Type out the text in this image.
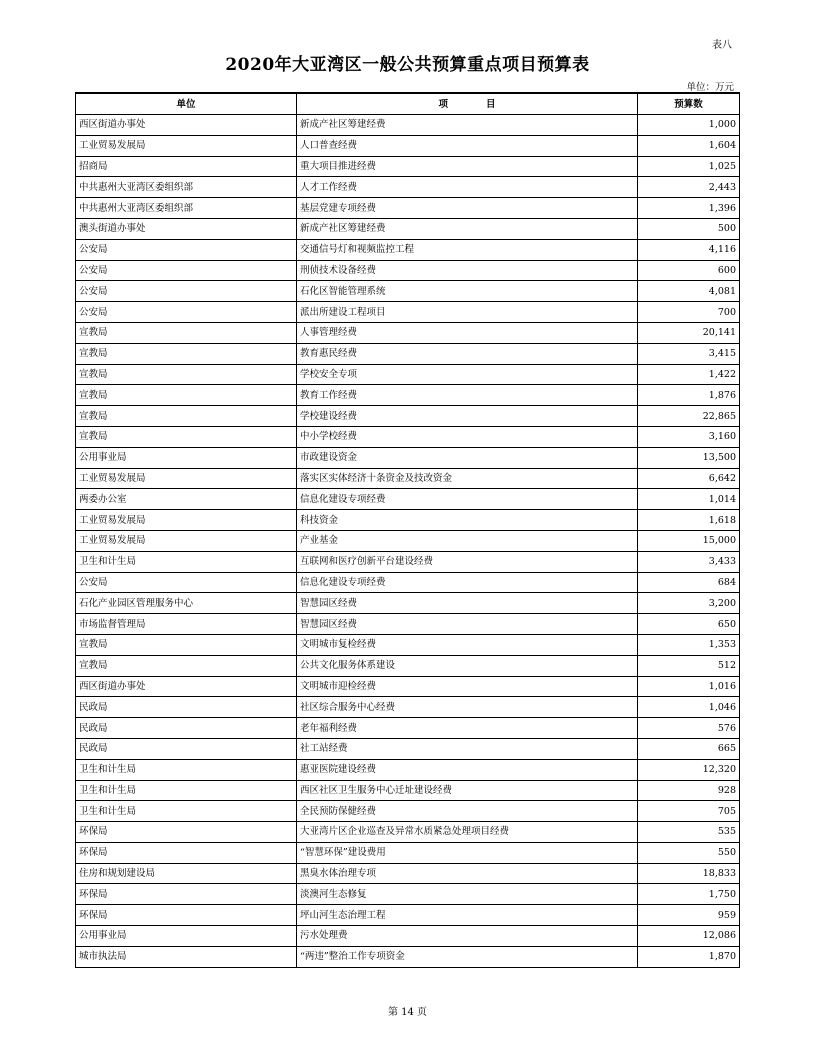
表八
2020年大亚湾区一般公共预算重点项目预算表
单位：万元
单位	项　　　　目	预算数
西区街道办事处	新成产社区筹建经费	1,000
工业贸易发展局	人口普查经费	1,604
招商局	重大项目推进经费	1,025
中共惠州大亚湾区委组织部	人才工作经费	2,443
中共惠州大亚湾区委组织部	基层党建专项经费	1,396
澳头街道办事处	新成产社区筹建经费	500
公安局	交通信号灯和视频监控工程	4,116
公安局	刑侦技术设备经费	600
公安局	石化区智能管理系统	4,081
公安局	派出所建设工程项目	700
宣教局	人事管理经费	20,141
宣教局	教育惠民经费	3,415
宣教局	学校安全专项	1,422
宣教局	教育工作经费	1,876
宣教局	学校建设经费	22,865
宣教局	中小学校经费	3,160
公用事业局	市政建设资金	13,500
工业贸易发展局	落实区实体经济十条资金及技改资金	6,642
两委办公室	信息化建设专项经费	1,014
工业贸易发展局	科技资金	1,618
工业贸易发展局	产业基金	15,000
卫生和计生局	互联网和医疗创新平台建设经费	3,433
公安局	信息化建设专项经费	684
石化产业园区管理服务中心	智慧园区经费	3,200
市场监督管理局	智慧园区经费	650
宣教局	文明城市复检经费	1,353
宣教局	公共文化服务体系建设	512
西区街道办事处	文明城市迎检经费	1,016
民政局	社区综合服务中心经费	1,046
民政局	老年福利经费	576
民政局	社工站经费	665
卫生和计生局	惠亚医院建设经费	12,320
卫生和计生局	西区社区卫生服务中心迁址建设经费	928
卫生和计生局	全民预防保健经费	705
环保局	大亚湾片区企业巡查及异常水质紧急处理项目经费	535
环保局	“智慧环保”建设费用	550
住房和规划建设局	黑臭水体治理专项	18,833
环保局	淡澳河生态修复	1,750
环保局	坪山河生态治理工程	959
公用事业局	污水处理费	12,086
城市执法局	“两违”整治工作专项资金	1,870
第 14 页
